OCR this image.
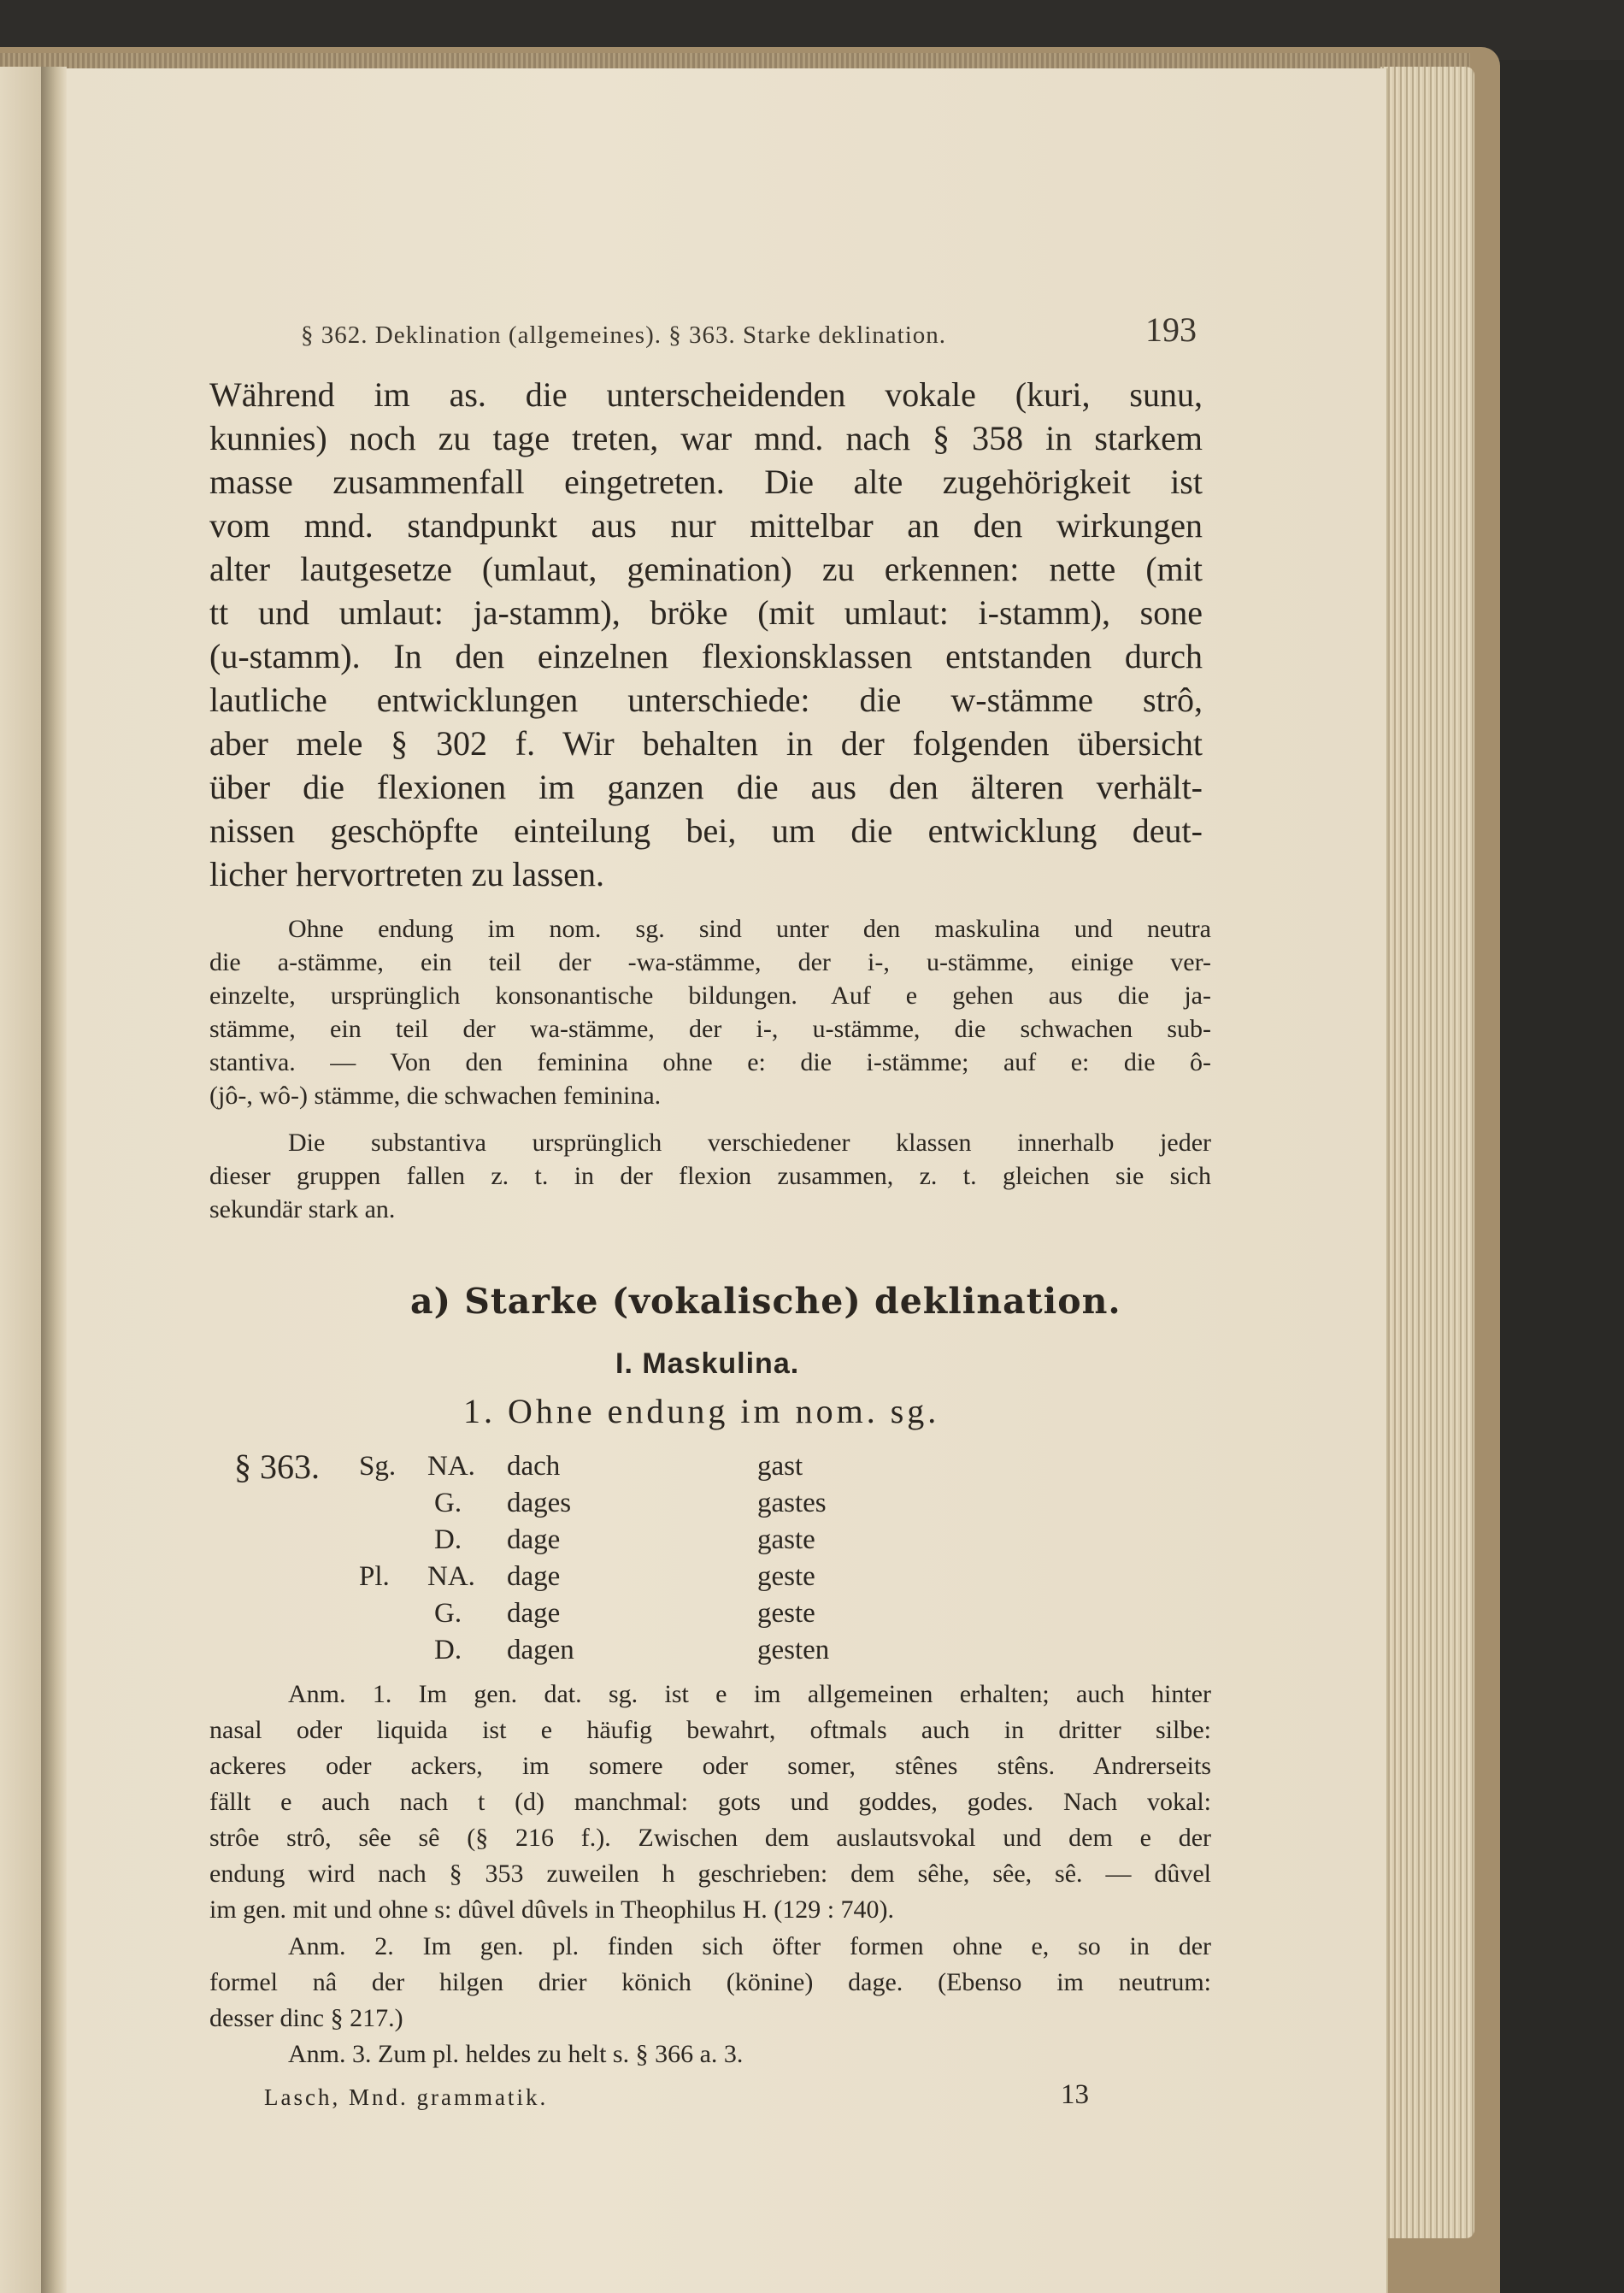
§ 362. Deklination (allgemeines). § 363. Starke deklination.	193
Während im as. die unterscheidenden vokale (kuri, sunu,
kunnies) noch zu tage treten, war mnd. nach § 358 in starkem
masse zusammenfall eingetreten. Die alte zugehörigkeit ist
vom mnd. standpunkt aus nur mittelbar an den wirkungen
alter lautgesetze (umlaut, gemination) zu erkennen: nette (mit
tt und umlaut: ja-stamm), bröke (mit umlaut: i-stamm), sone
(u-stamm). In den einzelnen flexionsklassen entstanden durch
lautliche entwicklungen unterschiede: die w-stämme strô,
aber mele § 302 f. Wir behalten in der folgenden übersicht
über die flexionen im ganzen die aus den älteren verhält-
nissen geschöpfte einteilung bei, um die entwicklung deut-
licher hervortreten zu lassen.
Ohne endung im nom. sg. sind unter den maskulina und neutra
die a-stämme, ein teil der -wa-stämme, der i-, u-stämme, einige ver-
einzelte, ursprünglich konsonantische bildungen. Auf e gehen aus die ja-
stämme, ein teil der wa-stämme, der i-, u-stämme, die schwachen sub-
stantiva. — Von den feminina ohne e: die i-stämme; auf e: die ô-
(jô-, wô-) stämme, die schwachen feminina.
Die substantiva ursprünglich verschiedener klassen innerhalb jeder
dieser gruppen fallen z. t. in der flexion zusammen, z. t. gleichen sie sich
sekundär stark an.
a) Starke (vokalische) deklination.
I. Maskulina.
1. Ohne endung im nom. sg.
§ 363. Sg. NA. dach	gast
G. dages	gastes
D. dage	gaste
Pl. NA. dage	geste
G. dage	geste
D. dagen	gesten
Anm. 1. Im gen. dat. sg. ist e im allgemeinen erhalten; auch hinter
nasal oder liquida ist e häufig bewahrt, oftmals auch in dritter silbe:
ackeres oder ackers, im somere oder somer, stênes stêns. Andrerseits
fällt e auch nach t (d) manchmal: gots und goddes, godes. Nach vokal:
strôe strô, sêe sê (§ 216 f.). Zwischen dem auslautsvokal und dem e der
endung wird nach § 353 zuweilen h geschrieben: dem sêhe, sêe, sê. — dûvel
im gen. mit und ohne s: dûvel dûvels in Theophilus H. (129 : 740).
Anm. 2. Im gen. pl. finden sich öfter formen ohne e, so in der
formel nâ der hilgen drier könich (könine) dage. (Ebenso im neutrum:
desser dinc § 217.)
Anm. 3. Zum pl. heldes zu helt s. § 366 a. 3.
Lasch, Mnd. grammatik.	13
